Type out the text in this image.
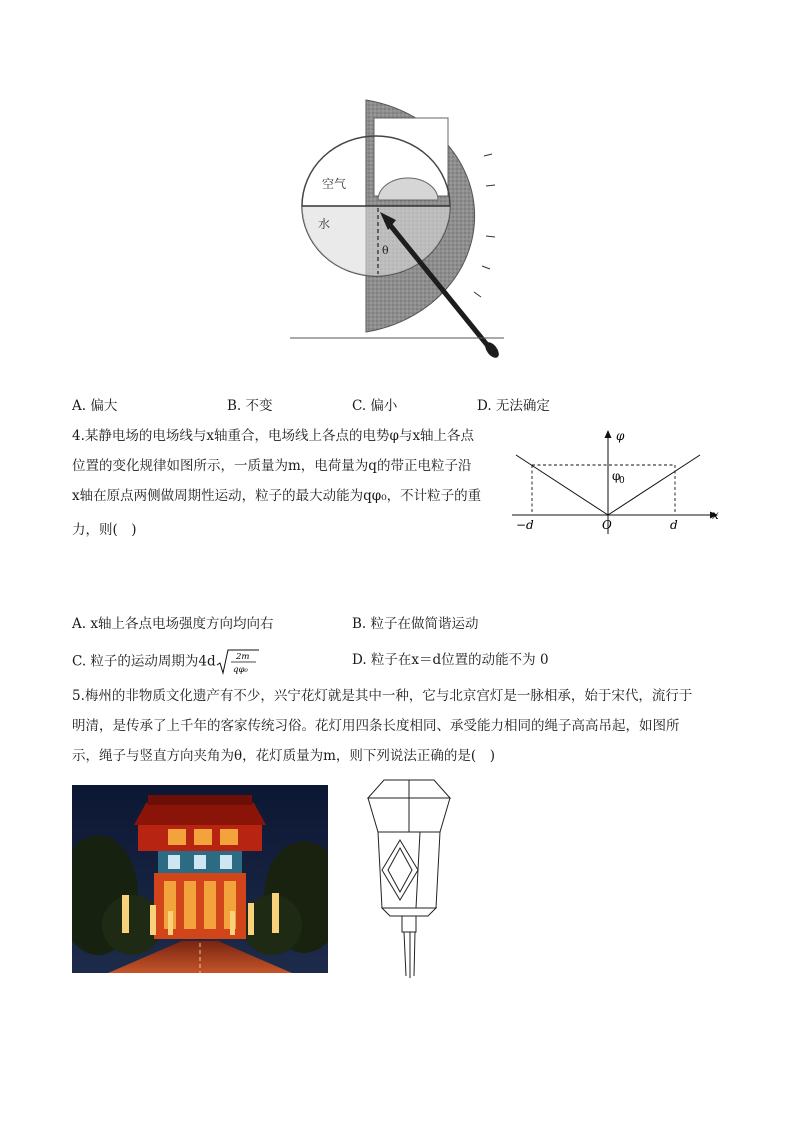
空气
水
θ
A. 偏大	B. 不变	C. 偏小	D. 无法确定
4.某静电场的电场线与x轴重合，电场线上各点的电势φ与x轴上各点
位置的变化规律如图所示，一质量为m，电荷量为q的带正电粒子沿
x轴在原点两侧做周期性运动，粒子的最大动能为qφ₀，不计粒子的重
力，则(　)
φ
x
φ
0
−d	O	d
A. x轴上各点电场强度方向均向右	B. 粒子在做简谐运动
C. 粒子的运动周期为4d 2m
qφ₀
D. 粒子在x＝d位置的动能不为 0
5.梅州的非物质文化遗产有不少，兴宁花灯就是其中一种，它与北京宫灯是一脉相承，始于宋代，流行于
明清，是传承了上千年的客家传统习俗。花灯用四条长度相同、承受能力相同的绳子高高吊起，如图所
示，绳子与竖直方向夹角为θ，花灯质量为m，则下列说法正确的是(　)
